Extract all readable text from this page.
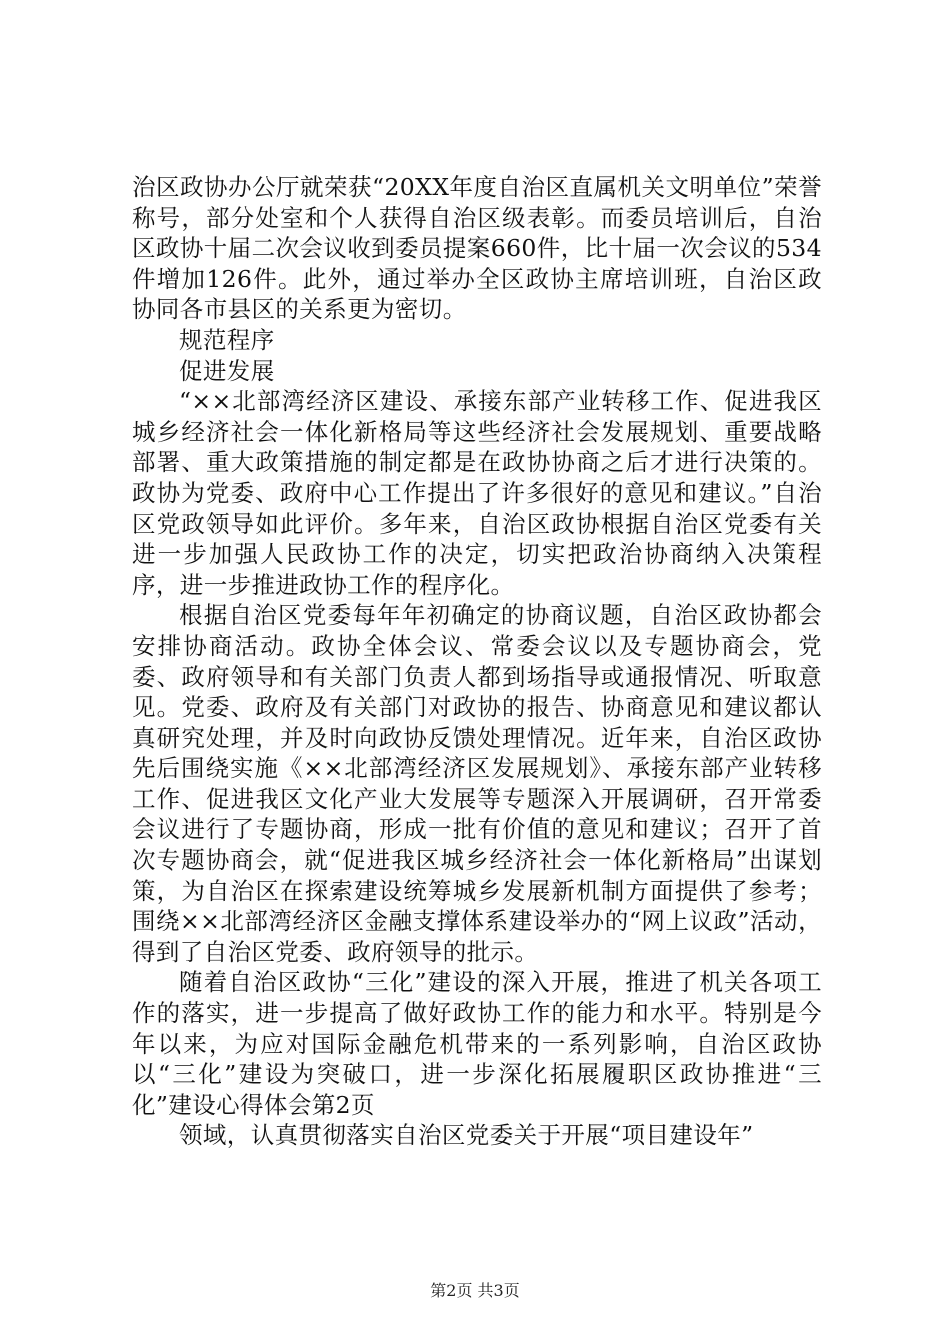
治区政协办公厅就荣获“20XX年度自治区直属机关文明单位”荣誉称号，部分处室和个人获得自治区级表彰。而委员培训后，自治区政协十届二次会议收到委员提案660件，比十届一次会议的534件增加126件。此外，通过举办全区政协主席培训班，自治区政协同各市县区的关系更为密切。

规范程序

促进发展

“××北部湾经济区建设、承接东部产业转移工作、促进我区城乡经济社会一体化新格局等这些经济社会发展规划、重要战略部署、重大政策措施的制定都是在政协协商之后才进行决策的。政协为党委、政府中心工作提出了许多很好的意见和建议。”自治区党政领导如此评价。多年来，自治区政协根据自治区党委有关进一步加强人民政协工作的决定，切实把政治协商纳入决策程序，进一步推进政协工作的程序化。

根据自治区党委每年年初确定的协商议题，自治区政协都会安排协商活动。政协全体会议、常委会议以及专题协商会，党委、政府领导和有关部门负责人都到场指导或通报情况、听取意见。党委、政府及有关部门对政协的报告、协商意见和建议都认真研究处理，并及时向政协反馈处理情况。近年来，自治区政协先后围绕实施《××北部湾经济区发展规划》、承接东部产业转移工作、促进我区文化产业大发展等专题深入开展调研，召开常委会议进行了专题协商，形成一批有价值的意见和建议；召开了首次专题协商会，就“促进我区城乡经济社会一体化新格局”出谋划策，为自治区在探索建设统筹城乡发展新机制方面提供了参考；围绕××北部湾经济区金融支撑体系建设举办的“网上议政”活动，得到了自治区党委、政府领导的批示。

随着自治区政协“三化”建设的深入开展，推进了机关各项工作的落实，进一步提高了做好政协工作的能力和水平。特别是今年以来，为应对国际金融危机带来的一系列影响，自治区政协以“三化”建设为突破口，进一步深化拓展履职区政协推进“三化”建设心得体会第2页

领域，认真贯彻落实自治区党委关于开展“项目建设年”

第2页 共3页
